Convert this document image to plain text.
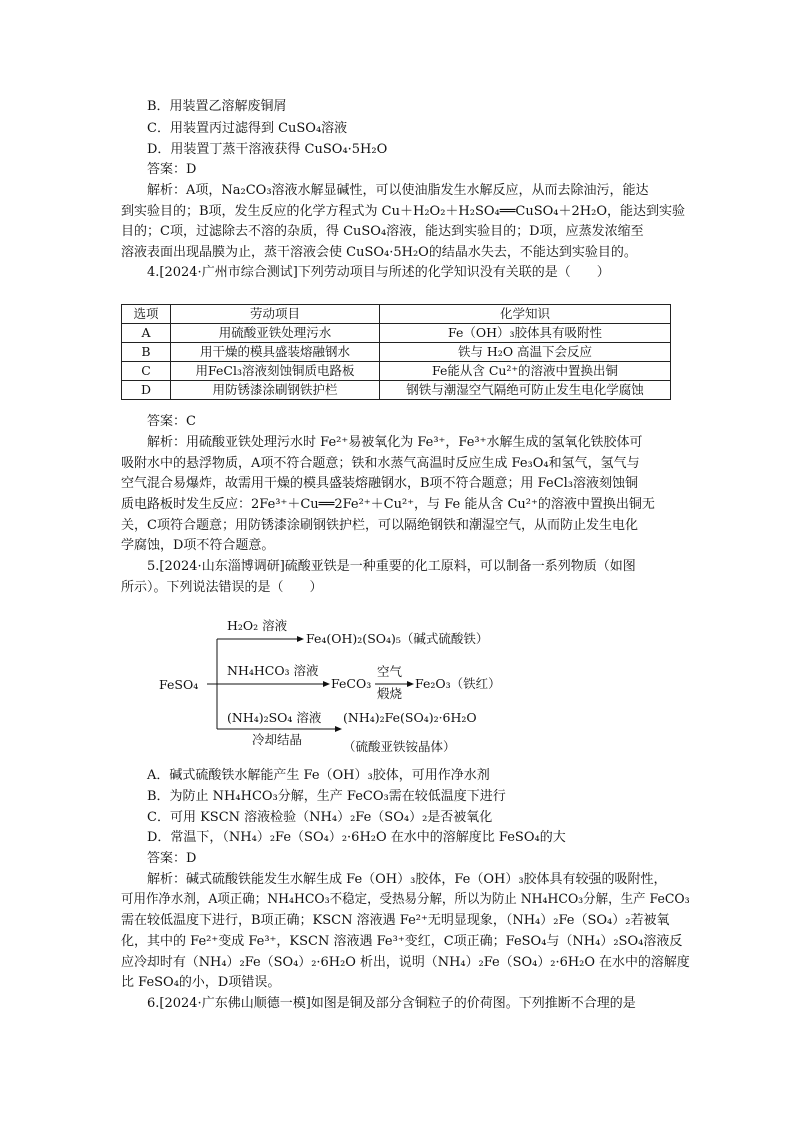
B．用装置乙溶解废铜屑
C．用装置丙过滤得到 CuSO₄溶液
D．用装置丁蒸干溶液获得 CuSO₄·5H₂O
答案：D
解析：A项，Na₂CO₃溶液水解显碱性，可以使油脂发生水解反应，从而去除油污，能达
到实验目的；B项，发生反应的化学方程式为 Cu＋H₂O₂＋H₂SO₄══CuSO₄＋2H₂O，能达到实验
目的；C项，过滤除去不溶的杂质，得 CuSO₄溶液，能达到实验目的；D项，应蒸发浓缩至
溶液表面出现晶膜为止，蒸干溶液会使 CuSO₄·5H₂O的结晶水失去，不能达到实验目的。
4.[2024·广州市综合测试]下列劳动项目与所述的化学知识没有关联的是（　　）
选项	劳动项目	化学知识
A	用硫酸亚铁处理污水	Fe（OH）₃胶体具有吸附性
B	用干燥的模具盛装熔融钢水	铁与 H₂O 高温下会反应
C	用FeCl₃溶液刻蚀铜质电路板	Fe能从含 Cu²⁺的溶液中置换出铜
D	用防锈漆涂刷钢铁护栏	钢铁与潮湿空气隔绝可防止发生电化学腐蚀
答案：C
解析：用硫酸亚铁处理污水时 Fe²⁺易被氧化为 Fe³⁺，Fe³⁺水解生成的氢氧化铁胶体可
吸附水中的悬浮物质，A项不符合题意；铁和水蒸气高温时反应生成 Fe₃O₄和氢气，氢气与
空气混合易爆炸，故需用干燥的模具盛装熔融钢水，B项不符合题意；用 FeCl₃溶液刻蚀铜
质电路板时发生反应：2Fe³⁺＋Cu══2Fe²⁺＋Cu²⁺，与 Fe 能从含 Cu²⁺的溶液中置换出铜无
关，C项符合题意；用防锈漆涂刷钢铁护栏，可以隔绝钢铁和潮湿空气，从而防止发生电化
学腐蚀，D项不符合题意。
5.[2024·山东淄博调研]硫酸亚铁是一种重要的化工原料，可以制备一系列物质（如图
所示）。下列说法错误的是（　　）
FeSO₄
H₂O₂ 溶液
Fe₄(OH)₂(SO₄)₅（碱式硫酸铁）
NH₄HCO₃ 溶液
FeCO₃
空气
煅烧
Fe₂O₃（铁红）
(NH₄)₂SO₄ 溶液
冷却结晶
(NH₄)₂Fe(SO₄)₂·6H₂O
（硫酸亚铁铵晶体）
A．碱式硫酸铁水解能产生 Fe（OH）₃胶体，可用作净水剂
B．为防止 NH₄HCO₃分解，生产 FeCO₃需在较低温度下进行
C．可用 KSCN 溶液检验（NH₄）₂Fe（SO₄）₂是否被氧化
D．常温下，（NH₄）₂Fe（SO₄）₂·6H₂O 在水中的溶解度比 FeSO₄的大
答案：D
解析：碱式硫酸铁能发生水解生成 Fe（OH）₃胶体，Fe（OH）₃胶体具有较强的吸附性，
可用作净水剂，A项正确；NH₄HCO₃不稳定，受热易分解，所以为防止 NH₄HCO₃分解，生产 FeCO₃
需在较低温度下进行，B项正确；KSCN 溶液遇 Fe²⁺无明显现象，（NH₄）₂Fe（SO₄）₂若被氧
化，其中的 Fe²⁺变成 Fe³⁺，KSCN 溶液遇 Fe³⁺变红，C项正确；FeSO₄与（NH₄）₂SO₄溶液反
应冷却时有（NH₄）₂Fe（SO₄）₂·6H₂O 析出，说明（NH₄）₂Fe（SO₄）₂·6H₂O 在水中的溶解度
比 FeSO₄的小，D项错误。
6.[2024·广东佛山顺德一模]如图是铜及部分含铜粒子的价荷图。下列推断不合理的是
